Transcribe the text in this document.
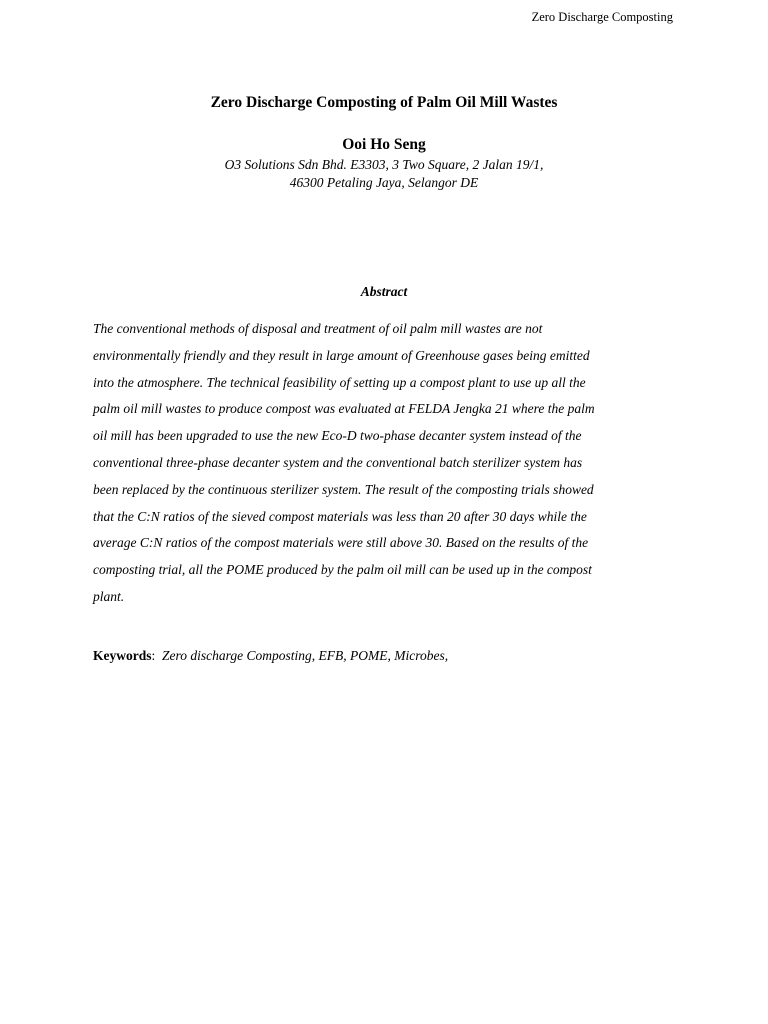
Zero Discharge Composting
Zero Discharge Composting of Palm Oil Mill Wastes
Ooi Ho Seng
O3 Solutions Sdn Bhd. E3303, 3 Two Square, 2 Jalan 19/1,
46300 Petaling Jaya, Selangor DE
Abstract
The conventional methods of disposal and treatment of oil palm mill wastes are not
environmentally friendly and they result in large amount of Greenhouse gases being emitted
into the atmosphere. The technical feasibility of setting up a compost plant to use up all the
palm oil mill wastes to produce compost was evaluated at FELDA Jengka 21 where the palm
oil mill has been upgraded to use the new Eco-D two-phase decanter system instead of the
conventional three-phase decanter system and the conventional batch sterilizer system has
been replaced by the continuous sterilizer system. The result of the composting trials showed
that the C:N ratios of the sieved compost materials was less than 20 after 30 days while the
average C:N ratios of the compost materials were still above 30. Based on the results of the
composting trial, all the POME produced by the palm oil mill can be used up in the compost
plant.
Keywords: Zero discharge Composting, EFB, POME, Microbes,
